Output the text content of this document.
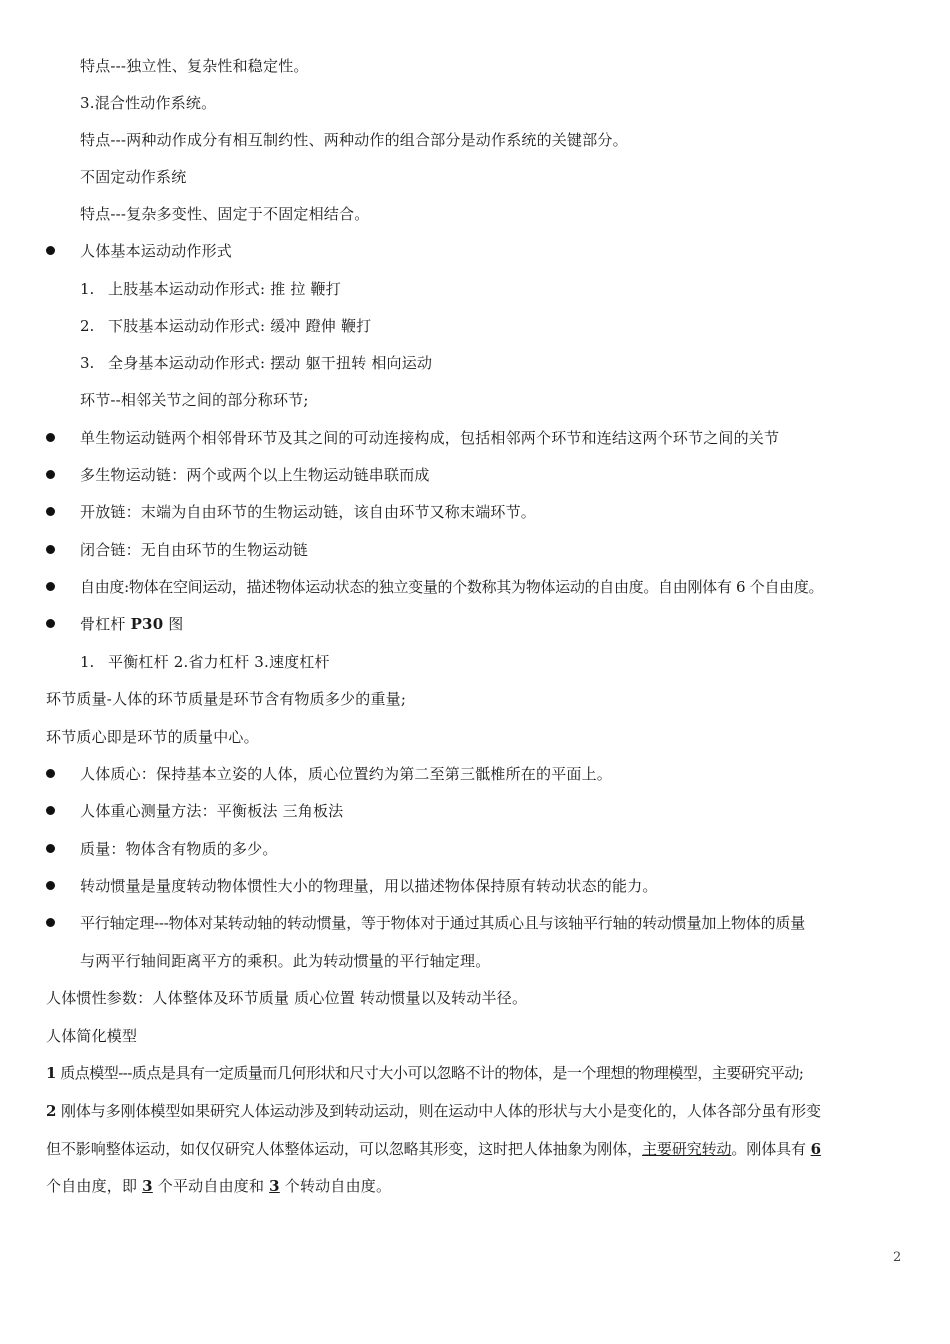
特点---独立性、复杂性和稳定性。
3.混合性动作系统。
特点---两种动作成分有相互制约性、两种动作的组合部分是动作系统的关键部分。
不固定动作系统
特点---复杂多变性、固定于不固定相结合。
人体基本运动动作形式
1. 上肢基本运动动作形式: 推 拉 鞭打
2. 下肢基本运动动作形式: 缓冲 蹬伸 鞭打
3. 全身基本运动动作形式: 摆动 躯干扭转 相向运动
环节--相邻关节之间的部分称环节;
单生物运动链两个相邻骨环节及其之间的可动连接构成，包括相邻两个环节和连结这两个环节之间的关节
多生物运动链：两个或两个以上生物运动链串联而成
开放链：末端为自由环节的生物运动链，该自由环节又称末端环节。
闭合链：无自由环节的生物运动链
自由度:物体在空间运动，描述物体运动状态的独立变量的个数称其为物体运动的自由度。自由刚体有 6 个自由度。
骨杠杆 P30 图
1. 平衡杠杆 2.省力杠杆 3.速度杠杆
环节质量-人体的环节质量是环节含有物质多少的重量;
环节质心即是环节的质量中心。
人体质心：保持基本立姿的人体，质心位置约为第二至第三骶椎所在的平面上。
人体重心测量方法：平衡板法 三角板法
质量：物体含有物质的多少。
转动惯量是量度转动物体惯性大小的物理量，用以描述物体保持原有转动状态的能力。
平行轴定理---物体对某转动轴的转动惯量，等于物体对于通过其质心且与该轴平行轴的转动惯量加上物体的质量
与两平行轴间距离平方的乘积。此为转动惯量的平行轴定理。
人体惯性参数：人体整体及环节质量 质心位置 转动惯量以及转动半径。
人体简化模型
1 质点模型---质点是具有一定质量而几何形状和尺寸大小可以忽略不计的物体，是一个理想的物理模型，主要研究平动;
2 刚体与多刚体模型如果研究人体运动涉及到转动运动，则在运动中人体的形状与大小是变化的，人体各部分虽有形变
但不影响整体运动，如仅仅研究人体整体运动，可以忽略其形变，这时把人体抽象为刚体，主要研究转动。刚体具有 6
个自由度，即 3 个平动自由度和 3 个转动自由度。
2
